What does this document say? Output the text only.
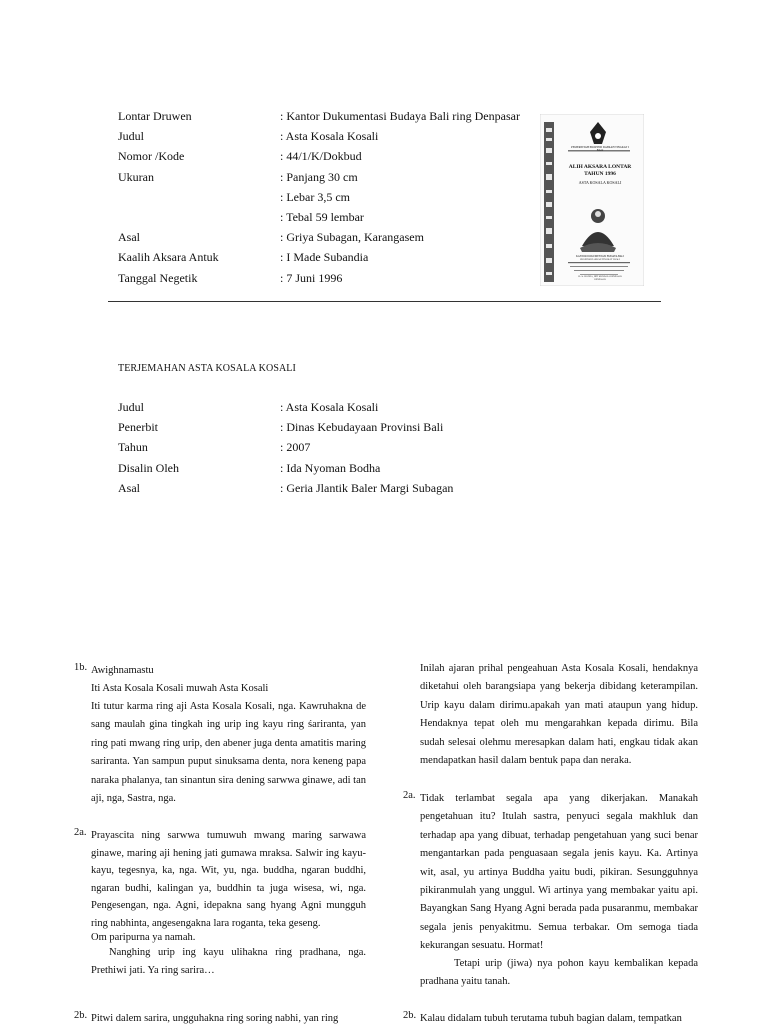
Lontar Druwen	: Kantor Dukumentasi Budaya Bali ring Denpasar
Judul	: Asta Kosala Kosali
Nomor /Kode	: 44/1/K/Dokbud
Ukuran	: Panjang 30 cm
: Lebar 3,5 cm
: Tebal 59 lembar
Asal	: Griya Subagan, Karangasem
Kaalih Aksara Antuk	: I Made Subandia
Tanggal Negetik	: 7 Juni 1996
PEMERINTAH PROPINSI DAERAH TINGKAT I BALI
ALIH AKSARA LONTAR
TAHUN 1996
ASTA KOSALA KOSALI
KANTOR DOKUMENTASI BUDAYA BALI
PROPINSI DAERAH TINGKAT I BALI
JL. Ir. JUANDA, NITI MANDALA DENPASAR
DENPASAR
TERJEMAHAN ASTA KOSALA KOSALI
Judul	: Asta Kosala Kosali
Penerbit	: Dinas Kebudayaan Provinsi Bali
Tahun	: 2007
Disalin Oleh	: Ida Nyoman Bodha
Asal	: Geria Jlantik Baler Margi Subagan
1b. Awighnamastu
Iti Asta Kosala Kosali muwah Asta Kosali
Iti tutur karma ring aji Asta Kosala Kosali, nga. Kawruhakna de sang maulah gina tingkah ing urip ing kayu ring śariranta, yan ring pati mwang ring urip, den abener juga denta amatitis maring sariranta. Yan sampun puput sinuksama denta, nora keneng papa naraka phalanya, tan sinantun sira dening sarwwa ginawe, adi tan aji, nga, Sastra, nga.
2a. Prayascita ning sarwwa tumuwuh mwang maring sarwawa ginawe, maring aji hening jati gumawa mraksa. Salwir ing kayu-kayu, tegesnya, ka, nga. Wit, yu, nga. buddha, ngaran buddhi, ngaran budhi, kalingan ya, buddhin ta juga wisesa, wi, nga. Pengesengan, nga. Agni, idepakna sang hyang Agni mungguh ring nabhinta, angesengakna lara roganta, teka geseng.
Om paripurna ya namah.
Nanghing urip ing kayu ulihakna ring pradhana, nga. Prethiwi jati. Ya ring sarira…
2b. Pitwi dalem sarira, ungguhakna ring soring nabhi, yan ring
Inilah ajaran prihal pengeahuan Asta Kosala Kosali, hendaknya diketahui oleh barangsiapa yang bekerja dibidang keterampilan. Urip kayu dalam dirimu.apakah yan mati ataupun yang hidup. Hendaknya tepat oleh mu mengarahkan kepada dirimu. Bila sudah selesai olehmu meresapkan dalam hati, engkau tidak akan mendapatkan hasil dalam bentuk papa dan neraka.
2a. Tidak terlambat segala apa yang dikerjakan. Manakah pengetahuan itu? Itulah sastra, penyuci segala makhluk dan terhadap apa yang dibuat, terhadap pengetahuan yang suci benar mengantarkan pada penguasaan segala jenis kayu. Ka. Artinya wit, asal, yu artinya Buddha yaitu budi, pikiran. Sesungguhnya pikiranmulah yang unggul. Wi artinya yang membakar yaitu api. Bayangkan Sang Hyang Agni berada pada pusaranmu, membakar segala jenis penyakitmu. Semua terbakar. Om semoga tiada kekurangan sesuatu. Hormat!
Tetapi urip (jiwa) nya pohon kayu kembalikan kepada pradhana yaitu tanah.
2b. Kalau didalam tubuh terutama tubuh bagian dalam, tempatkan
